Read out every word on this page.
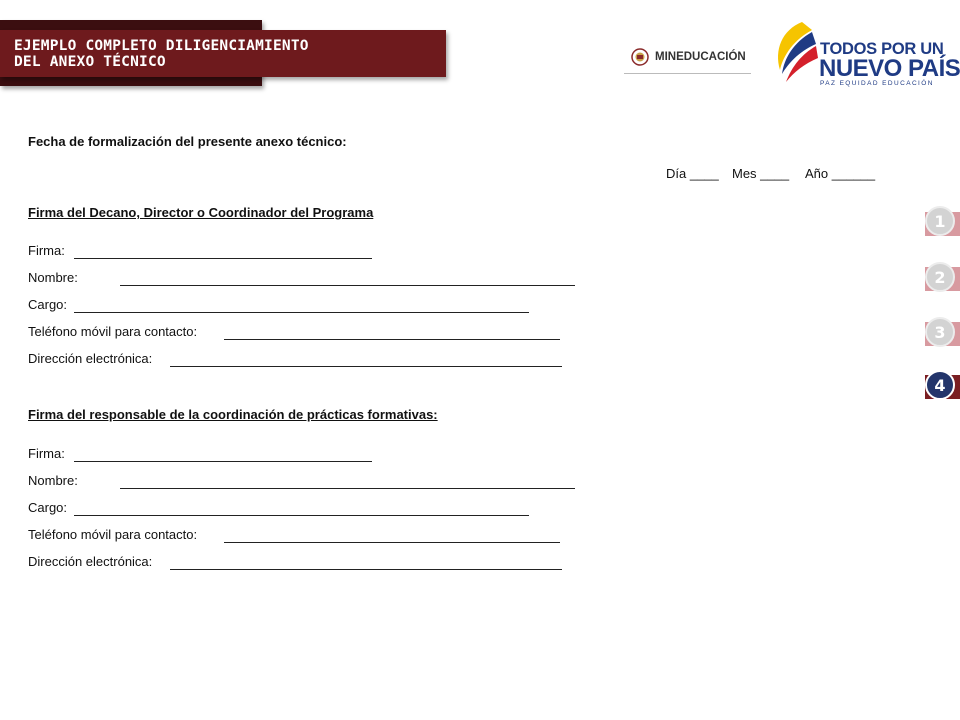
EJEMPLO COMPLETO DILIGENCIAMIENTO
DEL ANEXO TÉCNICO	MINEDUCACIÓN	TODOS POR UN
NUEVO PAÍS
PAZ EQUIDAD EDUCACIÓN
Fecha de formalización del presente anexo técnico:
Día ____ Mes ____ Año ______
Firma del Decano, Director o Coordinador del Programa
Firma:
Nombre:
Cargo:
Teléfono móvil para contacto:
Dirección electrónica:
Firma del responsable de la coordinación de prácticas formativas:
Firma:
Nombre:
Cargo:
Teléfono móvil para contacto:
Dirección electrónica:
1
2
3
4
